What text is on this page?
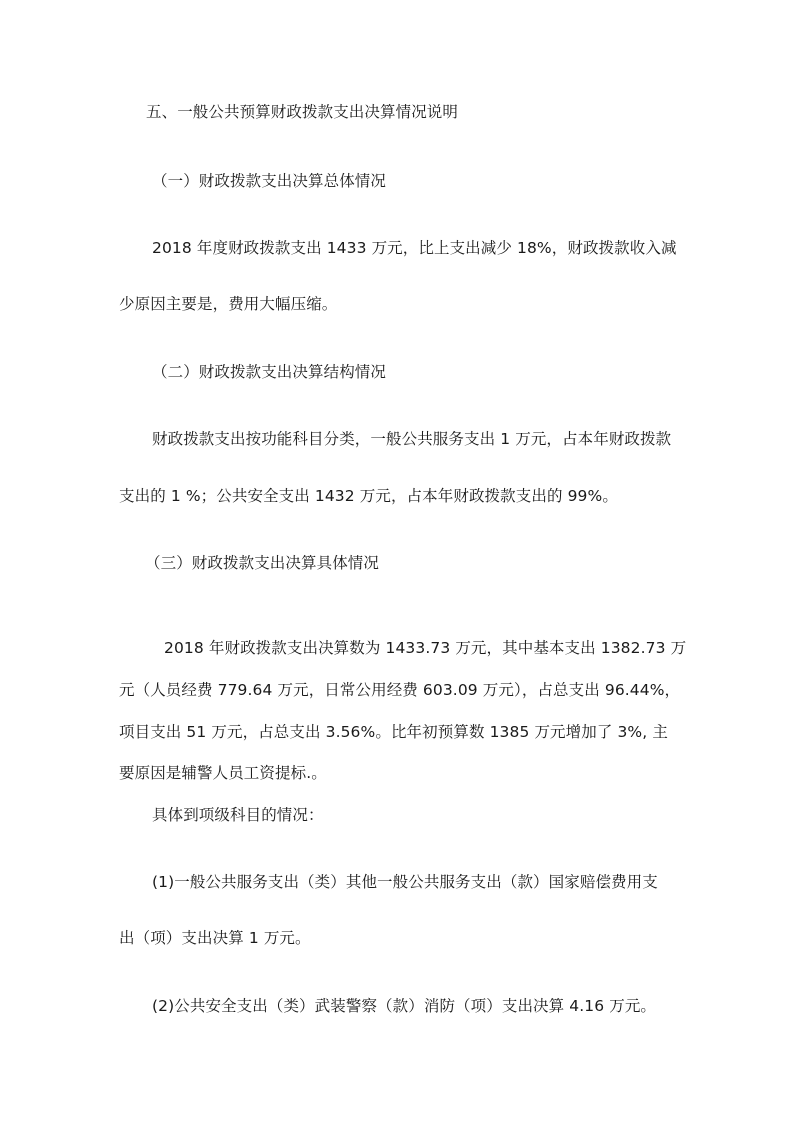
五、一般公共预算财政拨款支出决算情况说明
（一）财政拨款支出决算总体情况
2018 年度财政拨款支出 1433 万元，比上支出减少 18%，财政拨款收入减
少原因主要是，费用大幅压缩。
（二）财政拨款支出决算结构情况
财政拨款支出按功能科目分类，一般公共服务支出 1 万元，占本年财政拨款
支出的 1 %；公共安全支出 1432 万元，占本年财政拨款支出的 99%。
（三）财政拨款支出决算具体情况
2018 年财政拨款支出决算数为 1433.73 万元，其中基本支出 1382.73 万
元（人员经费 779.64 万元，日常公用经费 603.09 万元），占总支出 96.44%，
项目支出 51 万元，占总支出 3.56%。比年初预算数 1385 万元增加了 3%, 主
要原因是辅警人员工资提标.。
具体到项级科目的情况：
(1)一般公共服务支出（类）其他一般公共服务支出（款）国家赔偿费用支
出（项）支出决算 1 万元。
(2)公共安全支出（类）武装警察（款）消防（项）支出决算 4.16 万元。
